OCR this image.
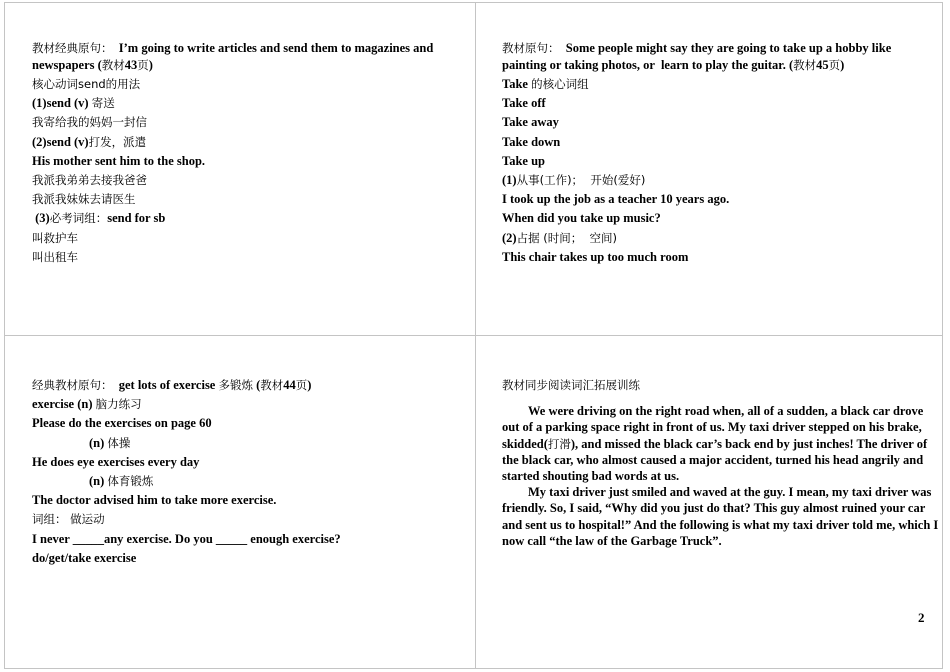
教材经典原句：  I’m going to write articles and send them to magazines and newspapers (教材43页)
核心动词send的用法
(1)send (v) 寄送
我寄给我的妈妈一封信
(2)send (v)打发，派遣
His mother sent him to the shop.
我派我弟弟去接我爸爸
我派我妹妹去请医生
(3)必考词组：send for sb
叫救护车
叫出租车
教材原句：  Some people might say they are going to take up a hobby like painting or taking photos, or  learn to play the guitar. (教材45页)
Take 的核心词组
Take off
Take away
Take down
Take up
(1)从事(工作)；  开始(爱好)
I took up the job as a teacher 10 years ago.
When did you take up music?
(2)占据 (时间；  空间)
This chair takes up too much room
经典教材原句：  get lots of exercise 多锻炼 (教材44页)
exercise (n) 脑力练习
Please do the exercises on page 60
(n) 体操
He does eye exercises every day
(n) 体育锻炼
The doctor advised him to take more exercise.
词组： 做运动
I never _____any exercise. Do you _____ enough exercise?
do/get/take exercise
教材同步阅读词汇拓展训练

We were driving on the right road when, all of a sudden, a black car drove out of a parking space right in front of us. My taxi driver stepped on his brake, skidded(打滑), and missed the black car’s back end by just inches! The driver of the black car, who almost caused a major accident, turned his head angrily and started shouting bad words at us.

My taxi driver just smiled and waved at the guy. I mean, my taxi driver was friendly. So, I said, “Why did you just do that? This guy almost ruined your car and sent us to hospital!” And the following is what my taxi driver told me, which I now call “the law of the Garbage Truck”.

2
